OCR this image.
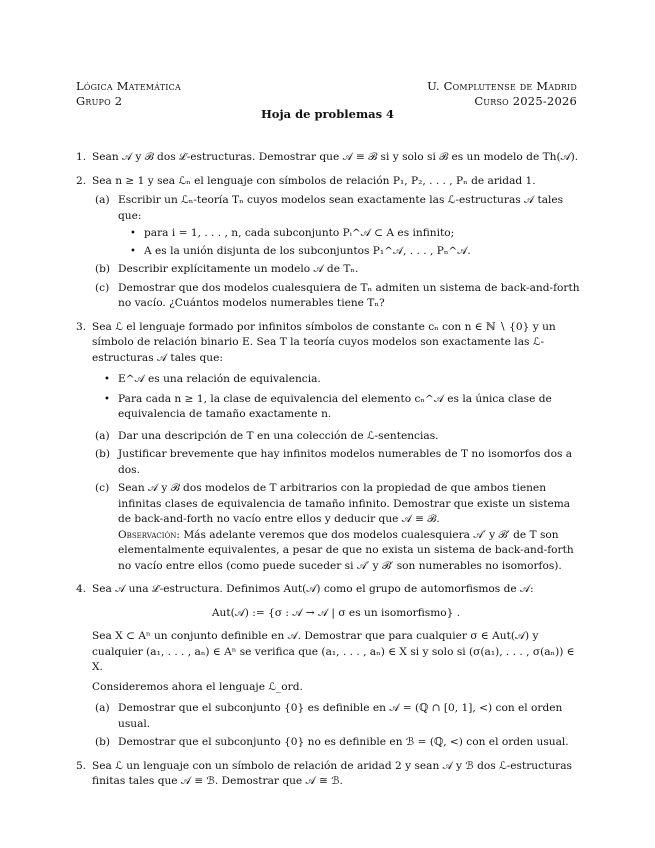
Lógica Matemática
Grupo 2
U. Complutense de Madrid
Curso 2025-2026
Hoja de problemas 4
1. Sean 𝒜 y ℬ dos ℒ-estructuras. Demostrar que 𝒜 ≡ ℬ si y solo si ℬ es un modelo de Th(𝒜).

2. Sea n ≥ 1 y sea ℒₙ el lenguaje con símbolos de relación P₁, P₂, . . . , Pₙ de aridad 1.

(a) Escribir un ℒₙ-teoría Tₙ cuyos modelos sean exactamente las ℒ-estructuras 𝒜 tales que:

• para i = 1, . . . , n, cada subconjunto Pᵢ^𝒜 ⊂ A es infinito;

• A es la unión disjunta de los subconjuntos P₁^𝒜, . . . , Pₙ^𝒜.

(b) Describir explícitamente un modelo 𝒜 de Tₙ.

(c) Demostrar que dos modelos cualesquiera de Tₙ admiten un sistema de back-and-forth no vacío. ¿Cuántos modelos numerables tiene Tₙ?

3. Sea ℒ el lenguaje formado por infinitos símbolos de constante cₙ con n ∈ ℕ ∖ {0} y un símbolo de relación binario E. Sea T la teoría cuyos modelos son exactamente las ℒ-estructuras 𝒜 tales que:

• E^𝒜 es una relación de equivalencia.

• Para cada n ≥ 1, la clase de equivalencia del elemento cₙ^𝒜 es la única clase de equivalencia de tamaño exactamente n.

(a) Dar una descripción de T en una colección de ℒ-sentencias.

(b) Justificar brevemente que hay infinitos modelos numerables de T no isomorfos dos a dos.

(c) Sean 𝒜 y ℬ dos modelos de T arbitrarios con la propiedad de que ambos tienen infinitas clases de equivalencia de tamaño infinito. Demostrar que existe un sistema de back-and-forth no vacío entre ellos y deducir que 𝒜 ≡ ℬ.

Observación: Más adelante veremos que dos modelos cualesquiera 𝒜′ y ℬ′ de T son elementalmente equivalentes, a pesar de que no exista un sistema de back-and-forth no vacío entre ellos (como puede suceder si 𝒜′ y ℬ′ son numerables no isomorfos).

4. Sea 𝒜 una ℒ-estructura. Definimos Aut(𝒜) como el grupo de automorfismos de 𝒜:

Aut(𝒜) := {σ : 𝒜 → 𝒜 | σ es un isomorfismo} .

Sea X ⊂ Aⁿ un conjunto definible en 𝒜. Demostrar que para cualquier σ ∈ Aut(𝒜) y cualquier (a₁, . . . , aₙ) ∈ Aⁿ se verifica que (a₁, . . . , aₙ) ∈ X si y solo si (σ(a₁), . . . , σ(aₙ)) ∈ X.

Consideremos ahora el lenguaje ℒ_ord.

(a) Demostrar que el subconjunto {0} es definible en 𝒜 = (ℚ ∩ [0, 1], <) con el orden usual.

(b) Demostrar que el subconjunto {0} no es definible en ℬ = (ℚ, <) con el orden usual.

5. Sea ℒ un lenguaje con un símbolo de relación de aridad 2 y sean 𝒜 y ℬ dos ℒ-estructuras finitas tales que 𝒜 ≡ ℬ. Demostrar que 𝒜 ≅ ℬ.
